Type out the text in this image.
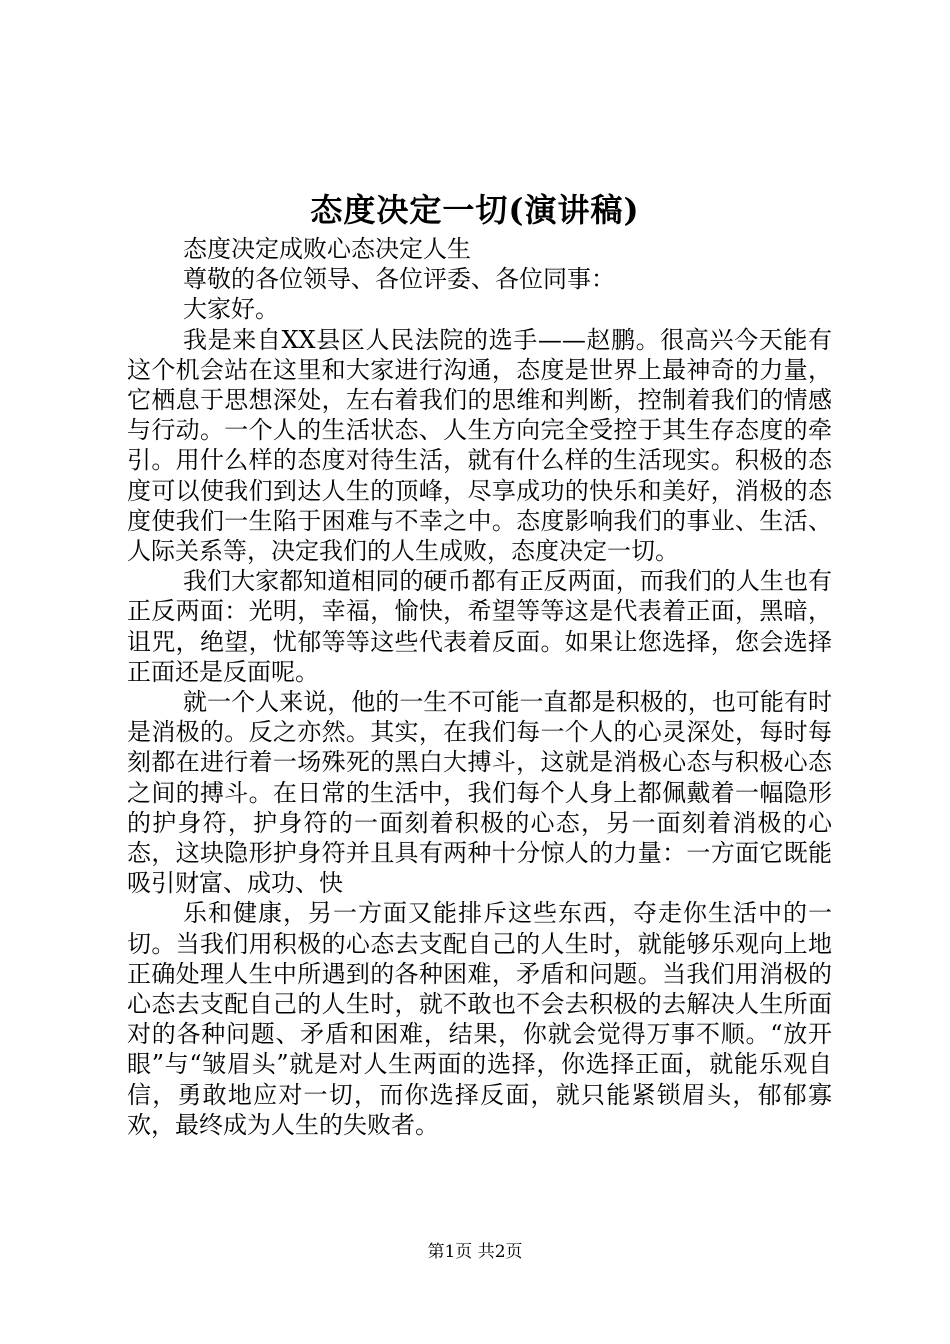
态度决定一切(演讲稿)

态度决定成败心态决定人生

尊敬的各位领导、各位评委、各位同事：

大家好。

我是来自XX县区人民法院的选手——赵鹏。很高兴今天能有这个机会站在这里和大家进行沟通，态度是世界上最神奇的力量，它栖息于思想深处，左右着我们的思维和判断，控制着我们的情感与行动。一个人的生活状态、人生方向完全受控于其生存态度的牵引。用什么样的态度对待生活，就有什么样的生活现实。积极的态度可以使我们到达人生的顶峰，尽享成功的快乐和美好，消极的态度使我们一生陷于困难与不幸之中。态度影响我们的事业、生活、人际关系等，决定我们的人生成败，态度决定一切。

我们大家都知道相同的硬币都有正反两面，而我们的人生也有正反两面：光明，幸福，愉快，希望等等这是代表着正面，黑暗，诅咒，绝望，忧郁等等这些代表着反面。如果让您选择，您会选择正面还是反面呢。

就一个人来说，他的一生不可能一直都是积极的，也可能有时是消极的。反之亦然。其实，在我们每一个人的心灵深处，每时每刻都在进行着一场殊死的黑白大搏斗，这就是消极心态与积极心态之间的搏斗。在日常的生活中，我们每个人身上都佩戴着一幅隐形的护身符，护身符的一面刻着积极的心态，另一面刻着消极的心态，这块隐形护身符并且具有两种十分惊人的力量：一方面它既能吸引财富、成功、快

乐和健康，另一方面又能排斥这些东西，夺走你生活中的一切。当我们用积极的心态去支配自己的人生时，就能够乐观向上地正确处理人生中所遇到的各种困难，矛盾和问题。当我们用消极的心态去支配自己的人生时，就不敢也不会去积极的去解决人生所面对的各种问题、矛盾和困难，结果，你就会觉得万事不顺。“放开眼”与“皱眉头”就是对人生两面的选择，你选择正面，就能乐观自信，勇敢地应对一切，而你选择反面，就只能紧锁眉头，郁郁寡欢，最终成为人生的失败者。

第1页 共2页
